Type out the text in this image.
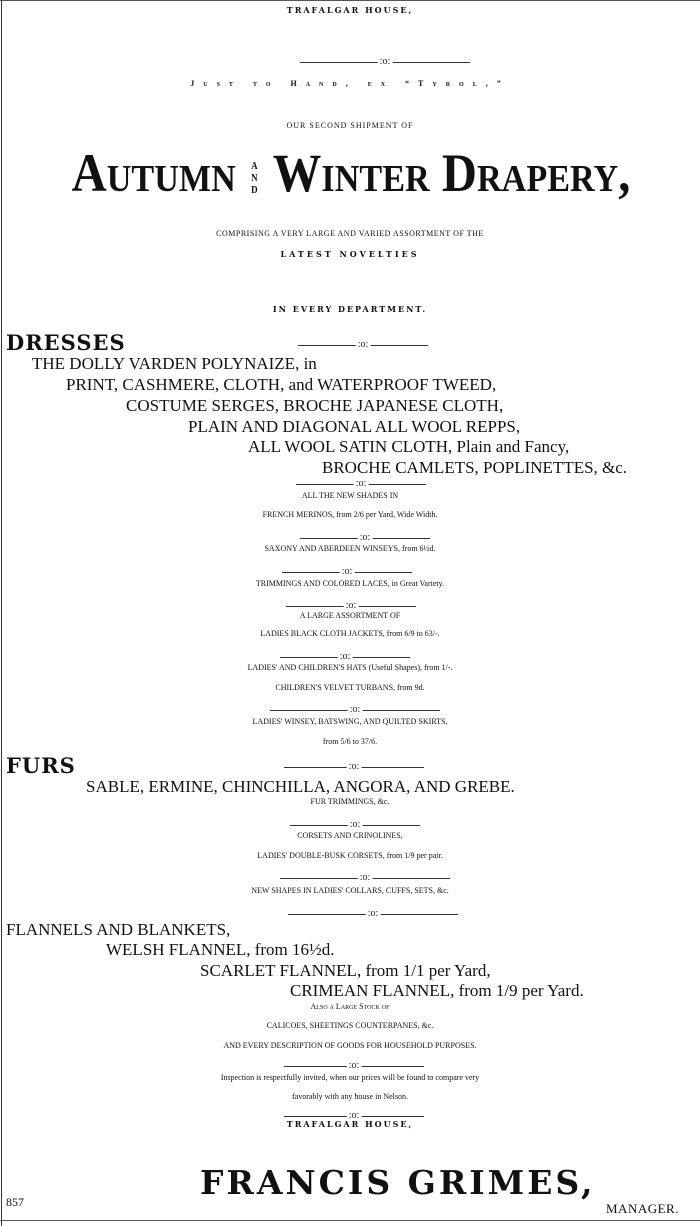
TRAFALGAR HOUSE,
:o:
Just to Hand, ex “Tyrol,”
OUR SECOND SHIPMENT OF
Autumn	A
N
D Winter Drapery,
COMPRISING A VERY LARGE AND VARIED ASSORTMENT OF THE
LATEST NOVELTIES
IN EVERY DEPARTMENT.
DRESSES	:o:
THE DOLLY VARDEN POLYNAIZE, in
PRINT, CASHMERE, CLOTH, and WATERPROOF TWEED,
COSTUME SERGES, BROCHE JAPANESE CLOTH,
PLAIN AND DIAGONAL ALL WOOL REPPS,
ALL WOOL SATIN CLOTH, Plain and Fancy,
BROCHE CAMLETS, POPLINETTES, &c.
:o:
ALL THE NEW SHADES IN
FRENCH MERINOS, from 2/6 per Yard, Wide Width.
:o:
SAXONY AND ABERDEEN WINSEYS, from 6½d.
:o:
TRIMMINGS AND COLORED LACES, in Great Variety.
:o:
A LARGE ASSORTMENT OF
LADIES BLACK CLOTH JACKETS, from 6/9 to 63/-.
:o:
LADIES' AND CHILDREN'S HATS (Useful Shapes), from 1/-.
CHILDREN'S VELVET TURBANS, from 9d.
:o:
LADIES' WINSEY, BATSWING, AND QUILTED SKIRTS,
from 5/6 to 37/6.
FURS	:o:
SABLE, ERMINE, CHINCHILLA, ANGORA, AND GREBE.
FUR TRIMMINGS, &c.
:o:
CORSETS AND CRINOLINES,
LADIES' DOUBLE-BUSK CORSETS, from 1/9 per pair.
:o:
NEW SHAPES IN LADIES' COLLARS, CUFFS, SETS, &c.
:o:
FLANNELS AND BLANKETS,
WELSH FLANNEL, from 16½d.
SCARLET FLANNEL, from 1/1 per Yard,
CRIMEAN FLANNEL, from 1/9 per Yard.
Also a Large Stock of
CALICOES, SHEETINGS COUNTERPANES, &c.
AND EVERY DESCRIPTION OF GOODS FOR HOUSEHOLD PURPOSES.
:o:
Inspection is respectfully invited, when our prices will be found to compare very
favorably with any house in Nelson.
:o:
TRAFALGAR HOUSE,
FRANCIS GRIMES,
857	MANAGER.
